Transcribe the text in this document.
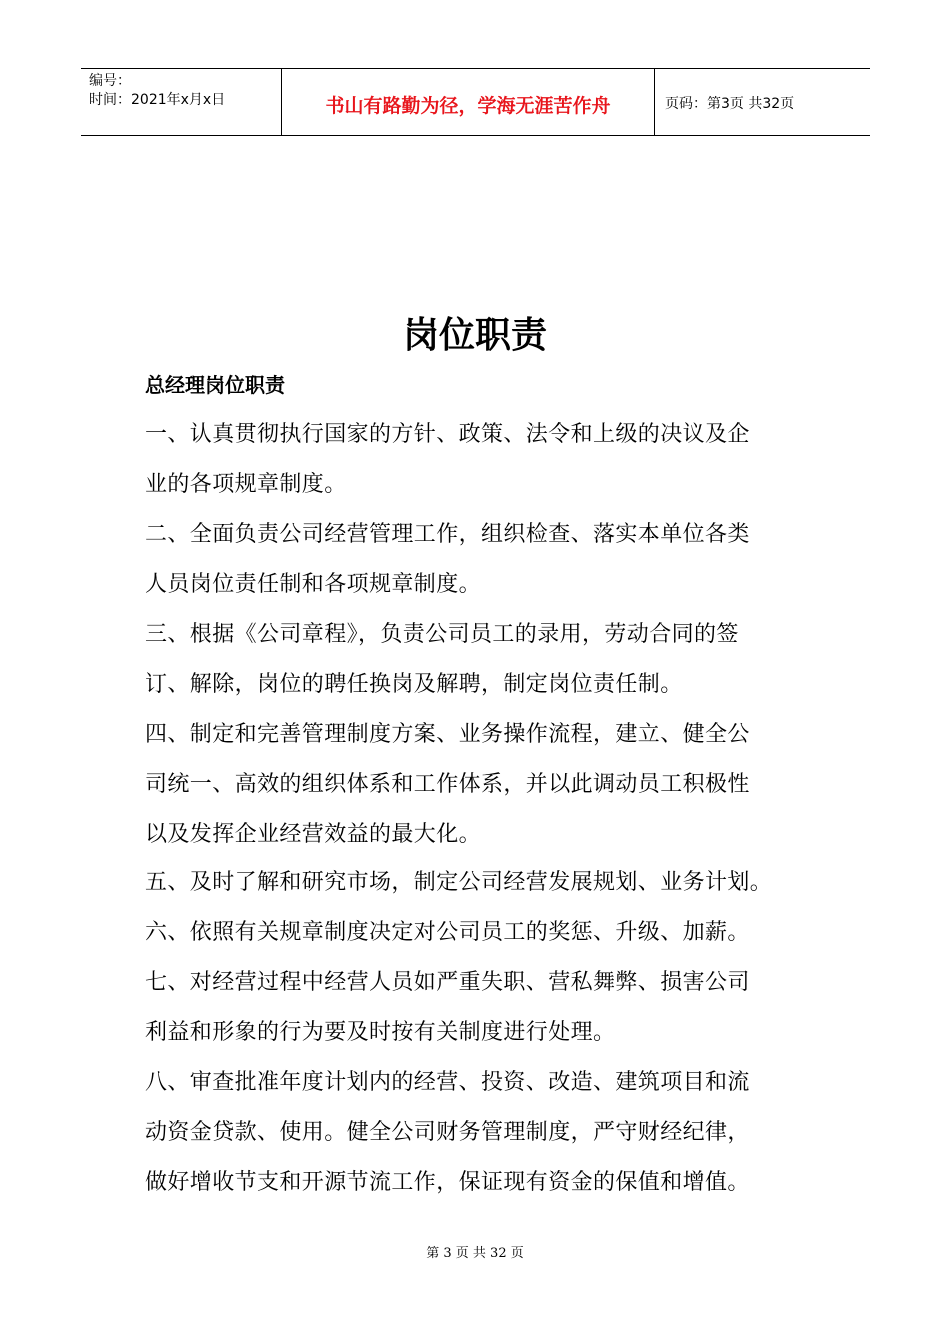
编号：
时间：2021年x月x日	书山有路勤为径，学海无涯苦作舟	页码：第3页 共32页
岗位职责
总经理岗位职责
一、认真贯彻执行国家的方针、政策、法令和上级的决议及企
业的各项规章制度。
二、全面负责公司经营管理工作，组织检查、落实本单位各类
人员岗位责任制和各项规章制度。
三、根据《公司章程》，负责公司员工的录用，劳动合同的签
订、解除，岗位的聘任换岗及解聘，制定岗位责任制。
四、制定和完善管理制度方案、业务操作流程，建立、健全公
司统一、高效的组织体系和工作体系，并以此调动员工积极性
以及发挥企业经营效益的最大化。
五、及时了解和研究市场，制定公司经营发展规划、业务计划。
六、依照有关规章制度决定对公司员工的奖惩、升级、加薪。
七、对经营过程中经营人员如严重失职、营私舞弊、损害公司
利益和形象的行为要及时按有关制度进行处理。
八、审查批准年度计划内的经营、投资、改造、建筑项目和流
动资金贷款、使用。健全公司财务管理制度，严守财经纪律，
做好增收节支和开源节流工作，保证现有资金的保值和增值。
第 3 页 共 32 页
